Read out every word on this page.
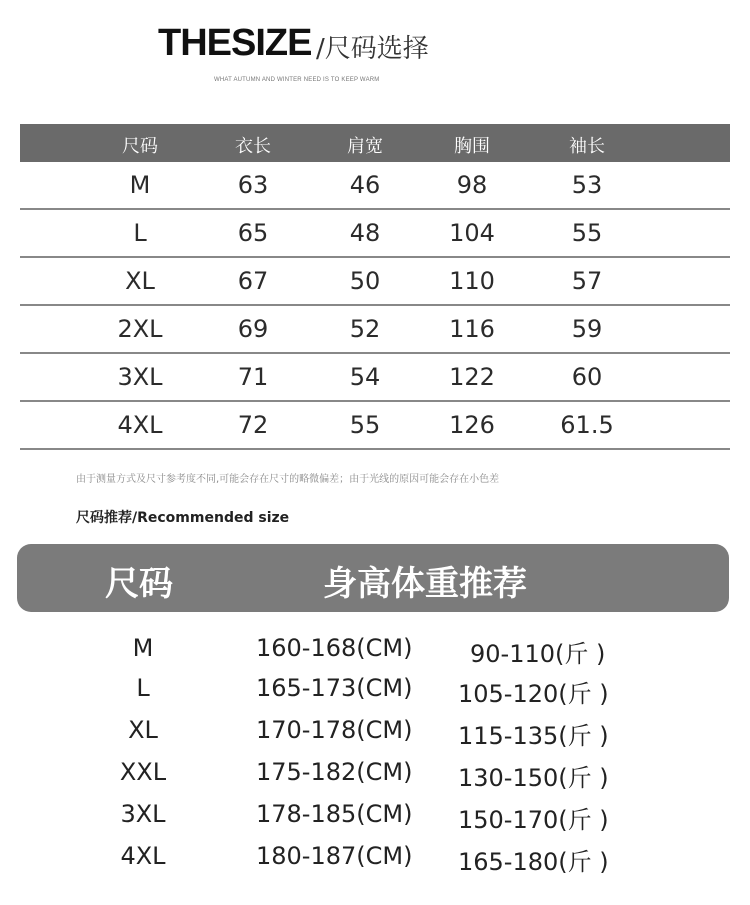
THESIZE /尺码选择
WHAT AUTUMN AND WINTER NEED IS TO KEEP WARM
尺码	衣长	肩宽	胸围	袖长
M	63	46	98	53
L	65	48	104	55
XL	67	50	110	57
2XL	69	52	116	59
3XL	71	54	122	60
4XL	72	55	126	61.5
由于测量方式及尺寸参考度不同,可能会存在尺寸的略微偏差；由于光线的原因可能会存在小色差
尺码推荐/Recommended size
尺码	身高体重推荐
M	160-168(CM) 90-110(斤 )
L	165-173(CM) 105-120(斤 )
XL	170-178(CM) 115-135(斤 )
XXL	175-182(CM) 130-150(斤 )
3XL	178-185(CM) 150-170(斤 )
4XL	180-187(CM) 165-180(斤 )
